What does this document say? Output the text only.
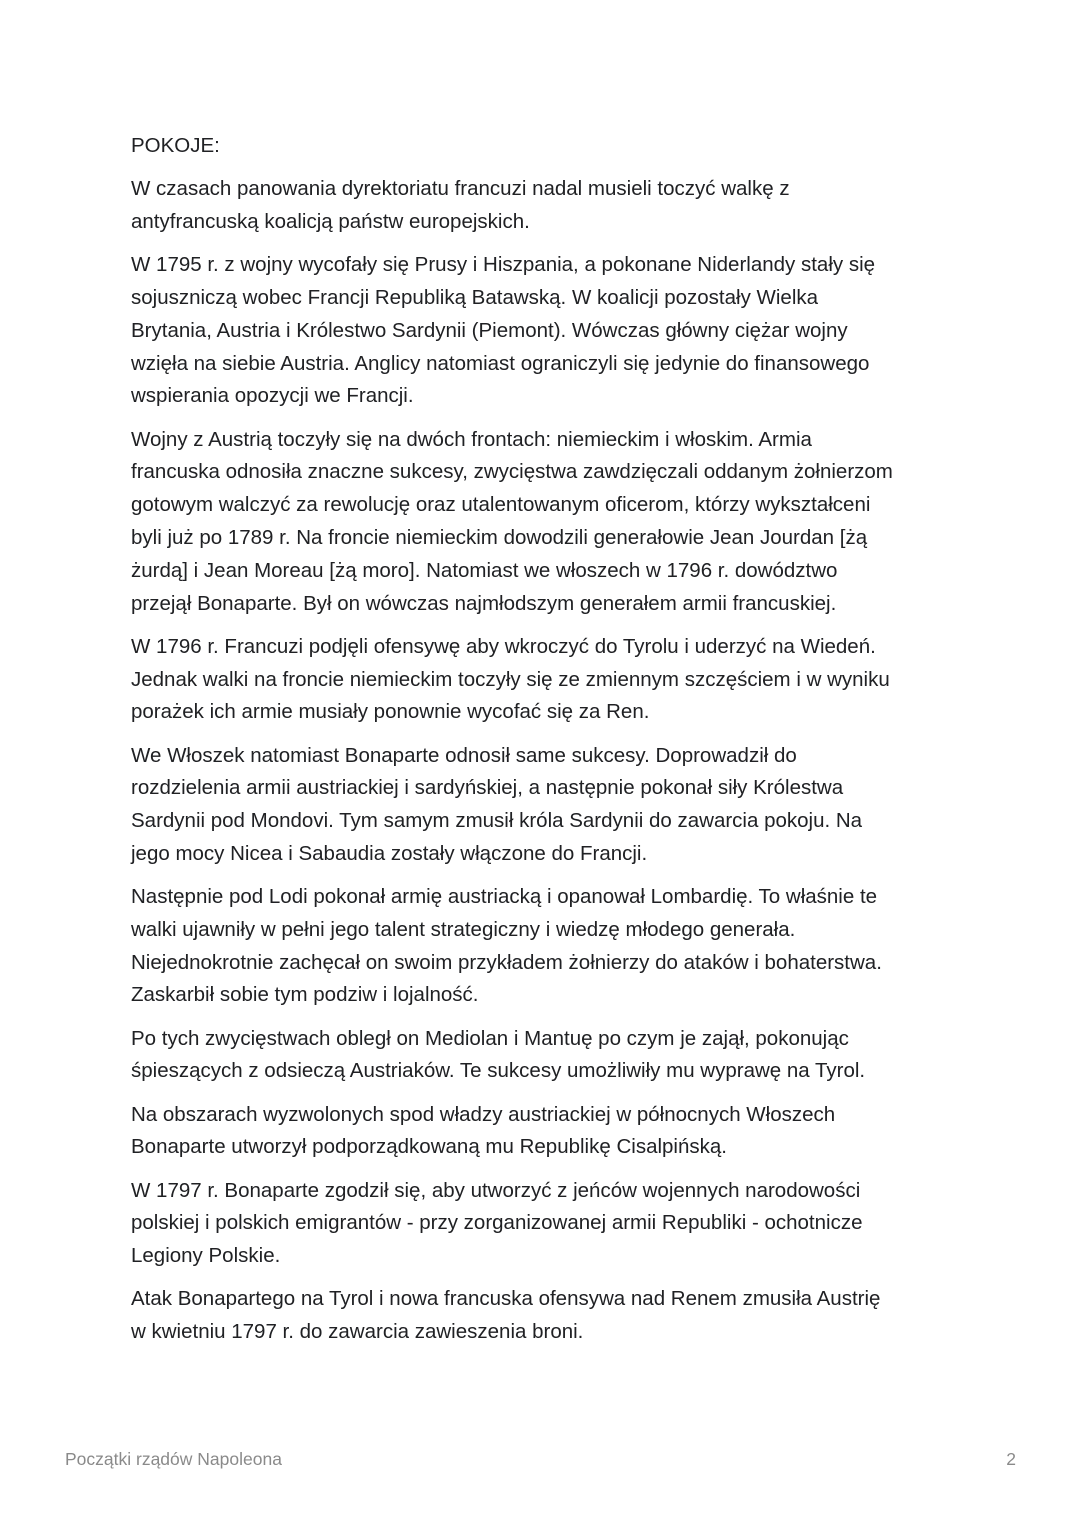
POKOJE:

W czasach panowania dyrektoriatu francuzi nadal musieli toczyć walkę z
antyfrancuską koalicją państw europejskich.

W 1795 r. z wojny wycofały się Prusy i Hiszpania, a pokonane Niderlandy stały się
sojuszniczą wobec Francji Republiką Batawską. W koalicji pozostały Wielka
Brytania, Austria i Królestwo Sardynii (Piemont). Wówczas główny ciężar wojny
wzięła na siebie Austria. Anglicy natomiast ograniczyli się jedynie do finansowego
wspierania opozycji we Francji.

Wojny z Austrią toczyły się na dwóch frontach: niemieckim i włoskim. Armia
francuska odnosiła znaczne sukcesy, zwycięstwa zawdzięczali oddanym żołnierzom
gotowym walczyć za rewolucję oraz utalentowanym oficerom, którzy wykształceni
byli już po 1789 r. Na froncie niemieckim dowodzili generałowie Jean Jourdan [żą
żurdą] i Jean Moreau [żą moro]. Natomiast we włoszech w 1796 r. dowództwo
przejął Bonaparte. Był on wówczas najmłodszym generałem armii francuskiej.

W 1796 r. Francuzi podjęli ofensywę aby wkroczyć do Tyrolu i uderzyć na Wiedeń.
Jednak walki na froncie niemieckim toczyły się ze zmiennym szczęściem i w wyniku
porażek ich armie musiały ponownie wycofać się za Ren.

We Włoszek natomiast Bonaparte odnosił same sukcesy. Doprowadził do
rozdzielenia armii austriackiej i sardyńskiej, a następnie pokonał siły Królestwa
Sardynii pod Mondovi. Tym samym zmusił króla Sardynii do zawarcia pokoju. Na
jego mocy Nicea i Sabaudia zostały włączone do Francji.

Następnie pod Lodi pokonał armię austriacką i opanował Lombardię. To właśnie te
walki ujawniły w pełni jego talent strategiczny i wiedzę młodego generała.
Niejednokrotnie zachęcał on swoim przykładem żołnierzy do ataków i bohaterstwa.
Zaskarbił sobie tym podziw i lojalność.

Po tych zwycięstwach obległ on Mediolan i Mantuę po czym je zajął, pokonując
śpieszących z odsieczą Austriaków. Te sukcesy umożliwiły mu wyprawę na Tyrol.

Na obszarach wyzwolonych spod władzy austriackiej w północnych Włoszech
Bonaparte utworzył podporządkowaną mu Republikę Cisalpińską.

W 1797 r. Bonaparte zgodził się, aby utworzyć z jeńców wojennych narodowości
polskiej i polskich emigrantów - przy zorganizowanej armii Republiki - ochotnicze
Legiony Polskie.

Atak Bonapartego na Tyrol i nowa francuska ofensywa nad Renem zmusiła Austrię
w kwietniu 1797 r. do zawarcia zawieszenia broni.

Początki rządów Napoleona	2
